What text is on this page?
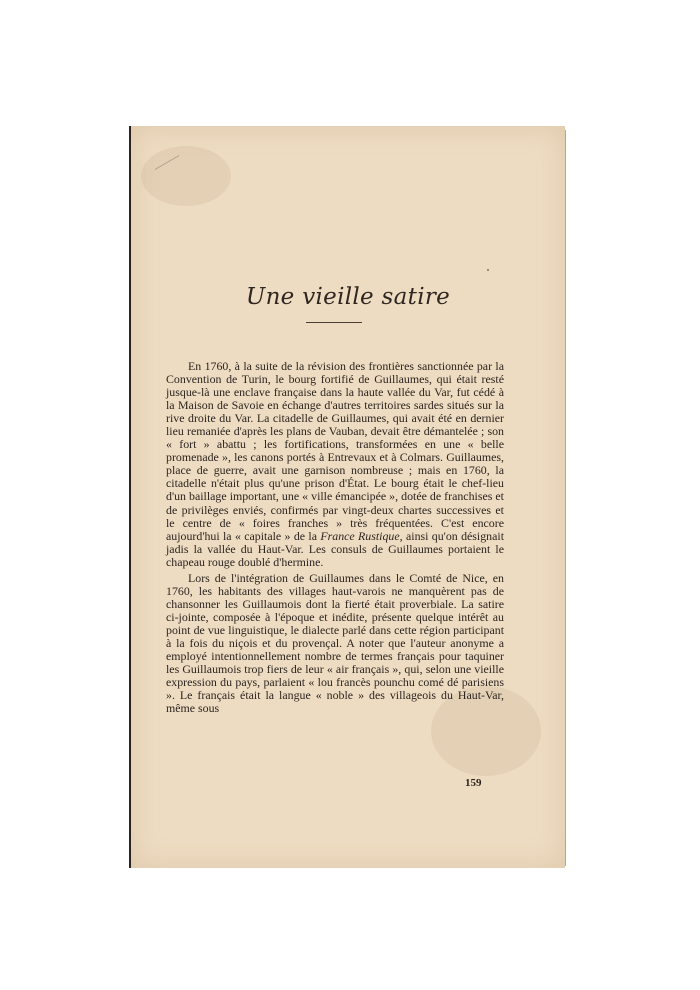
Une vieille satire

En 1760, à la suite de la révision des frontières sanctionnée par la Convention de Turin, le bourg fortifié de Guillaumes, qui était resté jusque-là une enclave française dans la haute vallée du Var, fut cédé à la Maison de Savoie en échange d'autres territoires sardes situés sur la rive droite du Var. La citadelle de Guillaumes, qui avait été en dernier lieu remaniée d'après les plans de Vauban, devait être démantelée ; son « fort » abattu ; les fortifications, transformées en une « belle promenade », les canons portés à Entrevaux et à Colmars. Guillaumes, place de guerre, avait une garnison nombreuse ; mais en 1760, la citadelle n'était plus qu'une prison d'État. Le bourg était le chef-lieu d'un baillage important, une « ville émancipée », dotée de franchises et de privilèges enviés, confirmés par vingt-deux chartes successives et le centre de « foires franches » très fréquentées. C'est encore aujourd'hui la « capitale » de la France Rustique, ainsi qu'on désignait jadis la vallée du Haut-Var. Les consuls de Guillaumes portaient le chapeau rouge doublé d'hermine.

Lors de l'intégration de Guillaumes dans le Comté de Nice, en 1760, les habitants des villages haut-varois ne manquèrent pas de chansonner les Guillaumois dont la fierté était proverbiale. La satire ci-jointe, composée à l'époque et inédite, présente quelque intérêt au point de vue linguistique, le dialecte parlé dans cette région participant à la fois du niçois et du provençal. A noter que l'auteur anonyme a employé intentionnellement nombre de termes français pour taquiner les Guillaumois trop fiers de leur « air français », qui, selon une vieille expression du pays, parlaient « lou francès pounchu comé dé parisiens ». Le français était la langue « noble » des villageois du Haut-Var, même sous

159
